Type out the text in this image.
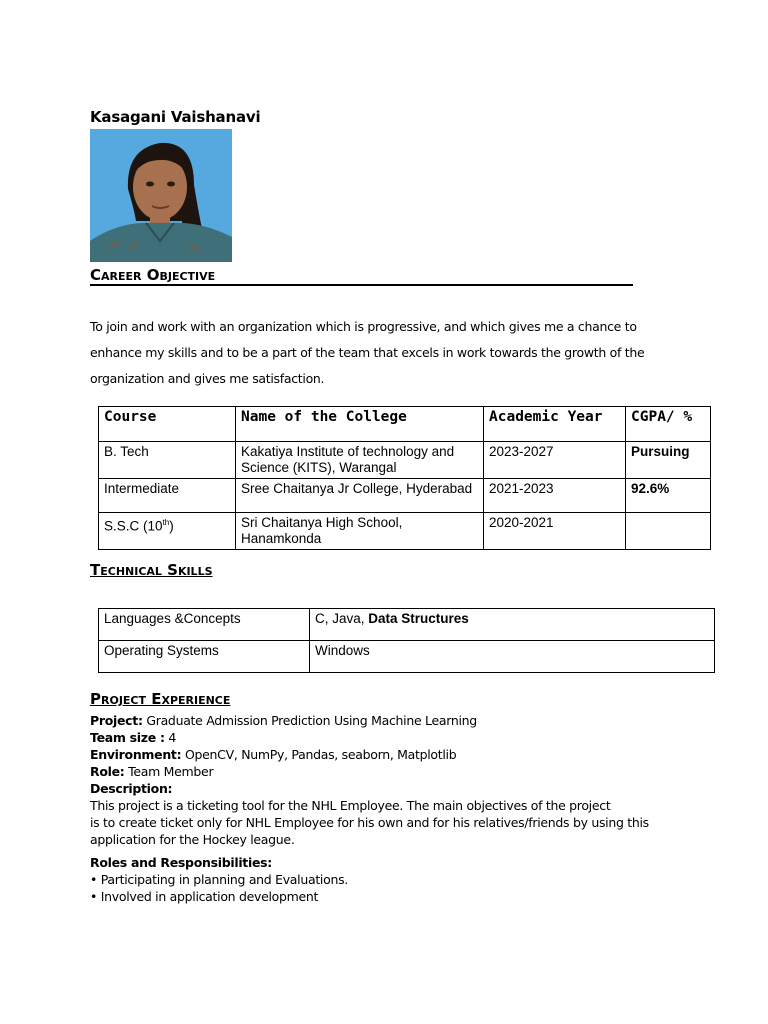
Kasagani Vaishanavi
Career Objective
To join and work with an organization which is progressive, and which gives me a chance to enhance my skills and to be a part of the team that excels in work towards the growth of the organization and gives me satisfaction.
Course	Name of the College	Academic Year	CGPA/ %
B. Tech	Kakatiya Institute of technology and Science (KITS), Warangal	2023-2027	Pursuing
Intermediate	Sree Chaitanya Jr College, Hyderabad	2021-2023	92.6%
S.S.C (10th)	Sri Chaitanya High School, Hanamkonda	2020-2021	
Technical Skills
Languages &Concepts	C, Java, Data Structures
Operating Systems	Windows
Project Experience
Project: Graduate Admission Prediction Using Machine Learning
Team size : 4
Environment: OpenCV, NumPy, Pandas, seaborn, Matplotlib
Role: Team Member
Description:
This project is a ticketing tool for the NHL Employee. The main objectives of the project
is to create ticket only for NHL Employee for his own and for his relatives/friends by using this
application for the Hockey league.
Roles and Responsibilities:
• Participating in planning and Evaluations.
• Involved in application development
